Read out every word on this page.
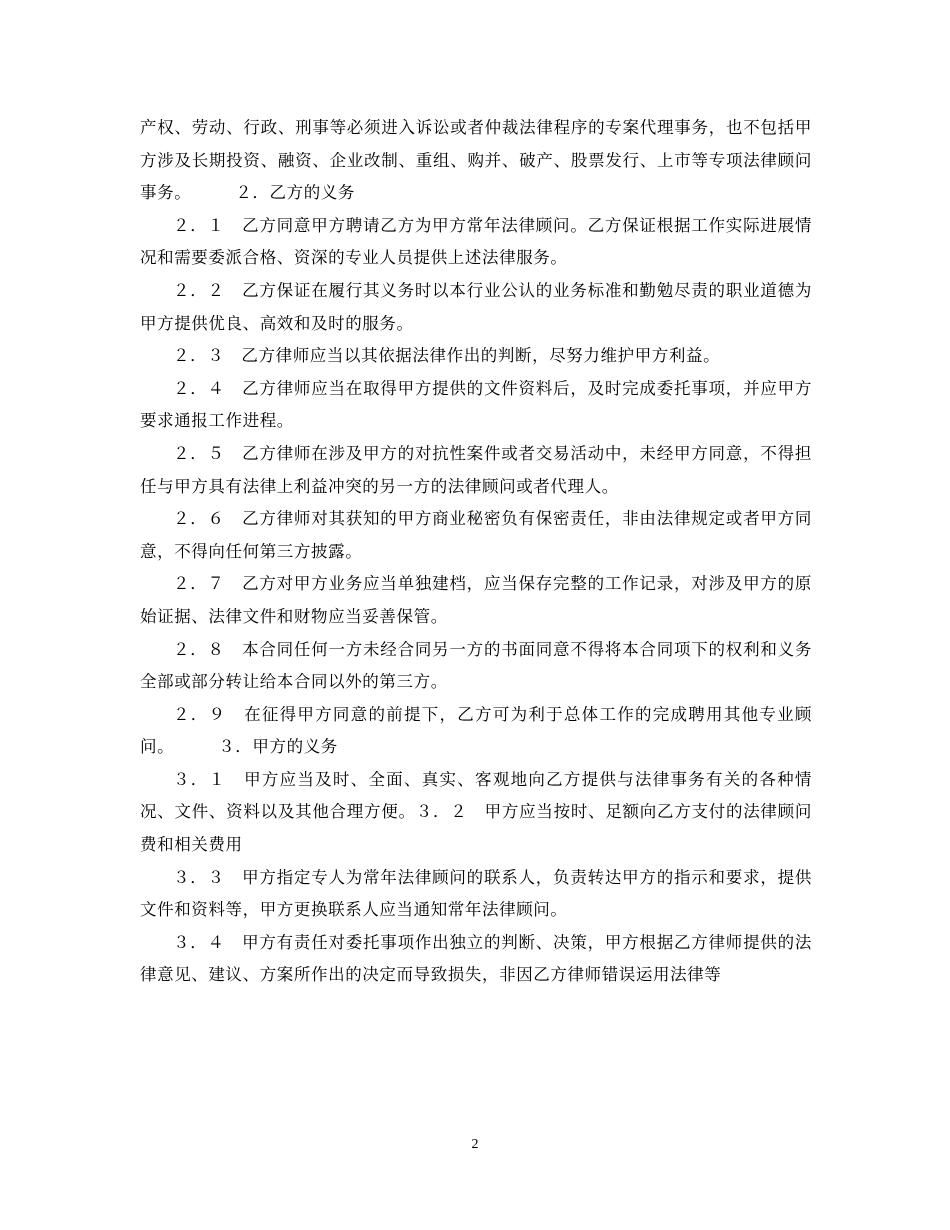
产权、劳动、行政、刑事等必须进入诉讼或者仲裁法律程序的专案代理事务，也不包括甲方涉及长期投资、融资、企业改制、重组、购并、破产、股票发行、上市等专项法律顾问事务。	２．乙方的义务

２．１　乙方同意甲方聘请乙方为甲方常年法律顾问。乙方保证根据工作实际进展情况和需要委派合格、资深的专业人员提供上述法律服务。

２．２　乙方保证在履行其义务时以本行业公认的业务标准和勤勉尽责的职业道德为甲方提供优良、高效和及时的服务。

２．３　乙方律师应当以其依据法律作出的判断，尽努力维护甲方利益。

２．４　乙方律师应当在取得甲方提供的文件资料后，及时完成委托事项，并应甲方要求通报工作进程。

２．５　乙方律师在涉及甲方的对抗性案件或者交易活动中，未经甲方同意，不得担任与甲方具有法律上利益冲突的另一方的法律顾问或者代理人。

２．６　乙方律师对其获知的甲方商业秘密负有保密责任，非由法律规定或者甲方同意，不得向任何第三方披露。

２．７　乙方对甲方业务应当单独建档，应当保存完整的工作记录，对涉及甲方的原始证据、法律文件和财物应当妥善保管。

２．８　本合同任何一方未经合同另一方的书面同意不得将本合同项下的权利和义务全部或部分转让给本合同以外的第三方。

２．９　在征得甲方同意的前提下，乙方可为利于总体工作的完成聘用其他专业顾问。	３．甲方的义务

３．１　甲方应当及时、全面、真实、客观地向乙方提供与法律事务有关的各种情况、文件、资料以及其他合理方便。３．２　甲方应当按时、足额向乙方支付的法律顾问费和相关费用

３．３　甲方指定专人为常年法律顾问的联系人，负责转达甲方的指示和要求，提供文件和资料等，甲方更换联系人应当通知常年法律顾问。

３．４　甲方有责任对委托事项作出独立的判断、决策，甲方根据乙方律师提供的法律意见、建议、方案所作出的决定而导致损失，非因乙方律师错误运用法律等

2
